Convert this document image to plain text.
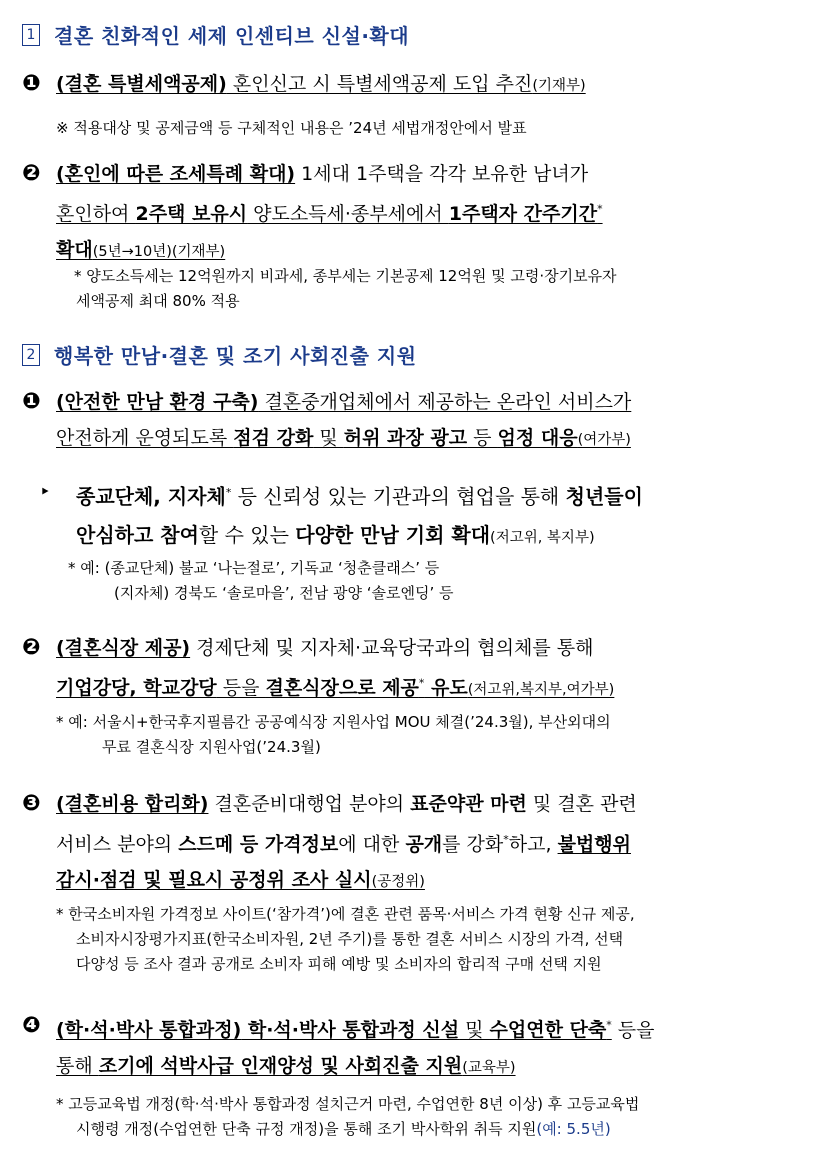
1 결혼 친화적인 세제 인센티브 신설·확대
❶ (결혼 특별세액공제) 혼인신고 시 특별세액공제 도입 추진(기재부)
※ 적용대상 및 공제금액 등 구체적인 내용은 ’24년 세법개정안에서 발표
❷ (혼인에 따른 조세특례 확대) 1세대 1주택을 각각 보유한 남녀가
혼인하여 2주택 보유시 양도소득세·종부세에서 1주택자 간주기간*
확대(5년→10년)(기재부)
* 양도소득세는 12억원까지 비과세, 종부세는 기본공제 12억원 및 고령·장기보유자
세액공제 최대 80% 적용
2 행복한 만남·결혼 및 조기 사회진출 지원
❶ (안전한 만남 환경 구축) 결혼중개업체에서 제공하는 온라인 서비스가
안전하게 운영되도록 점검 강화 및 허위 과장 광고 등 엄정 대응(여가부)
‣	종교단체, 지자체* 등 신뢰성 있는 기관과의 협업을 통해 청년들이
안심하고 참여할 수 있는 다양한 만남 기회 확대(저고위, 복지부)
* 예: (종교단체) 불교 ‘나는절로’, 기독교 ‘청춘클래스’ 등
(지자체) 경북도 ‘솔로마을’, 전남 광양 ‘솔로엔딩’ 등
❷ (결혼식장 제공) 경제단체 및 지자체·교육당국과의 협의체를 통해
기업강당, 학교강당 등을 결혼식장으로 제공* 유도(저고위,복지부,여가부)
* 예: 서울시+한국후지필름간 공공예식장 지원사업 MOU 체결(’24.3월), 부산외대의
무료 결혼식장 지원사업(’24.3월)
❸ (결혼비용 합리화) 결혼준비대행업 분야의 표준약관 마련 및 결혼 관련
서비스 분야의 스드메 등 가격정보에 대한 공개를 강화*하고, 불법행위
감시·점검 및 필요시 공정위 조사 실시(공정위)
* 한국소비자원 가격정보 사이트(‘참가격’)에 결혼 관련 품목·서비스 가격 현황 신규 제공,
소비자시장평가지표(한국소비자원, 2년 주기)를 통한 결혼 서비스 시장의 가격, 선택
다양성 등 조사 결과 공개로 소비자 피해 예방 및 소비자의 합리적 구매 선택 지원
❹ (학·석·박사 통합과정) 학·석·박사 통합과정 신설 및 수업연한 단축* 등을
통해 조기에 석박사급 인재양성 및 사회진출 지원(교육부)
* 고등교육법 개정(학·석·박사 통합과정 설치근거 마련, 수업연한 8년 이상) 후 고등교육법
시행령 개정(수업연한 단축 규정 개정)을 통해 조기 박사학위 취득 지원(예: 5.5년)
